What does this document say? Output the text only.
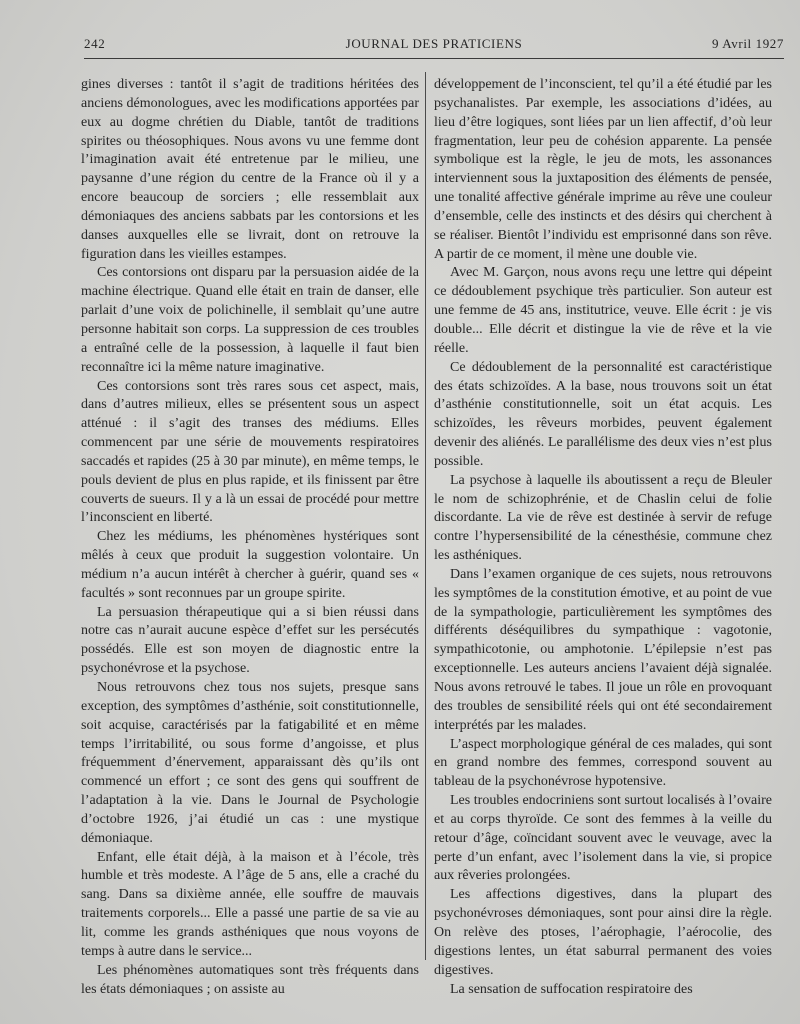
242	JOURNAL DES PRATICIENS	9 Avril 1927

gines diverses : tantôt il s’agit de traditions héritées des anciens démonologues, avec les modifications apportées par eux au dogme chrétien du Diable, tantôt de traditions spirites ou théosophiques. Nous avons vu une femme dont l’imagination avait été entretenue par le milieu, une paysanne d’une région du centre de la France où il y a encore beaucoup de sorciers ; elle ressemblait aux démoniaques des anciens sabbats par les contorsions et les danses auxquelles elle se livrait, dont on retrouve la figuration dans les vieilles estampes.

Ces contorsions ont disparu par la persuasion aidée de la machine électrique. Quand elle était en train de danser, elle parlait d’une voix de polichinelle, il semblait qu’une autre personne habitait son corps. La suppression de ces troubles a entraîné celle de la possession, à laquelle il faut bien reconnaître ici la même nature imaginative.

Ces contorsions sont très rares sous cet aspect, mais, dans d’autres milieux, elles se présentent sous un aspect atténué : il s’agit des transes des médiums. Elles commencent par une série de mouvements respiratoires saccadés et rapides (25 à 30 par minute), en même temps, le pouls devient de plus en plus rapide, et ils finissent par être couverts de sueurs. Il y a là un essai de procédé pour mettre l’inconscient en liberté.

Chez les médiums, les phénomènes hystériques sont mêlés à ceux que produit la suggestion volontaire. Un médium n’a aucun intérêt à chercher à guérir, quand ses « facultés » sont reconnues par un groupe spirite.

La persuasion thérapeutique qui a si bien réussi dans notre cas n’aurait aucune espèce d’effet sur les persécutés possédés. Elle est son moyen de diagnostic entre la psychonévrose et la psychose.

Nous retrouvons chez tous nos sujets, presque sans exception, des symptômes d’asthénie, soit constitutionnelle, soit acquise, caractérisés par la fatigabilité et en même temps l’irritabilité, ou sous forme d’angoisse, et plus fréquemment d’énervement, apparaissant dès qu’ils ont commencé un effort ; ce sont des gens qui souffrent de l’adaptation à la vie. Dans le Journal de Psychologie d’octobre 1926, j’ai étudié un cas : une mystique démoniaque.

Enfant, elle était déjà, à la maison et à l’école, très humble et très modeste. A l’âge de 5 ans, elle a craché du sang. Dans sa dixième année, elle souffre de mauvais traitements corporels... Elle a passé une partie de sa vie au lit, comme les grands asthéniques que nous voyons de temps à autre dans le service...

Les phénomènes automatiques sont très fréquents dans les états démoniaques ; on assiste au

développement de l’inconscient, tel qu’il a été étudié par les psychanalistes. Par exemple, les associations d’idées, au lieu d’être logiques, sont liées par un lien affectif, d’où leur fragmentation, leur peu de cohésion apparente. La pensée symbolique est la règle, le jeu de mots, les assonances interviennent sous la juxtaposition des éléments de pensée, une tonalité affective générale imprime au rêve une couleur d’ensemble, celle des instincts et des désirs qui cherchent à se réaliser. Bientôt l’individu est emprisonné dans son rêve. A partir de ce moment, il mène une double vie.

Avec M. Garçon, nous avons reçu une lettre qui dépeint ce dédoublement psychique très particulier. Son auteur est une femme de 45 ans, institutrice, veuve. Elle écrit : je vis double... Elle décrit et distingue la vie de rêve et la vie réelle.

Ce dédoublement de la personnalité est caractéristique des états schizoïdes. A la base, nous trouvons soit un état d’asthénie constitutionnelle, soit un état acquis. Les schizoïdes, les rêveurs morbides, peuvent également devenir des aliénés. Le parallélisme des deux vies n’est plus possible.

La psychose à laquelle ils aboutissent a reçu de Bleuler le nom de schizophrénie, et de Chaslin celui de folie discordante. La vie de rêve est destinée à servir de refuge contre l’hypersensibilité de la cénesthésie, commune chez les asthéniques.

Dans l’examen organique de ces sujets, nous retrouvons les symptômes de la constitution émotive, et au point de vue de la sympathologie, particulièrement les symptômes des différents déséquilibres du sympathique : vagotonie, sympathicotonie, ou amphotonie. L’épilepsie n’est pas exceptionnelle. Les auteurs anciens l’avaient déjà signalée. Nous avons retrouvé le tabes. Il joue un rôle en provoquant des troubles de sensibilité réels qui ont été secondairement interprétés par les malades.

L’aspect morphologique général de ces malades, qui sont en grand nombre des femmes, correspond souvent au tableau de la psychonévrose hypotensive.

Les troubles endocriniens sont surtout localisés à l’ovaire et au corps thyroïde. Ce sont des femmes à la veille du retour d’âge, coïncidant souvent avec le veuvage, avec la perte d’un enfant, avec l’isolement dans la vie, si propice aux rêveries prolongées.

Les affections digestives, dans la plupart des psychonévroses démoniaques, sont pour ainsi dire la règle. On relève des ptoses, l’aérophagie, l’aérocolie, des digestions lentes, un état saburral permanent des voies digestives.

La sensation de suffocation respiratoire des
